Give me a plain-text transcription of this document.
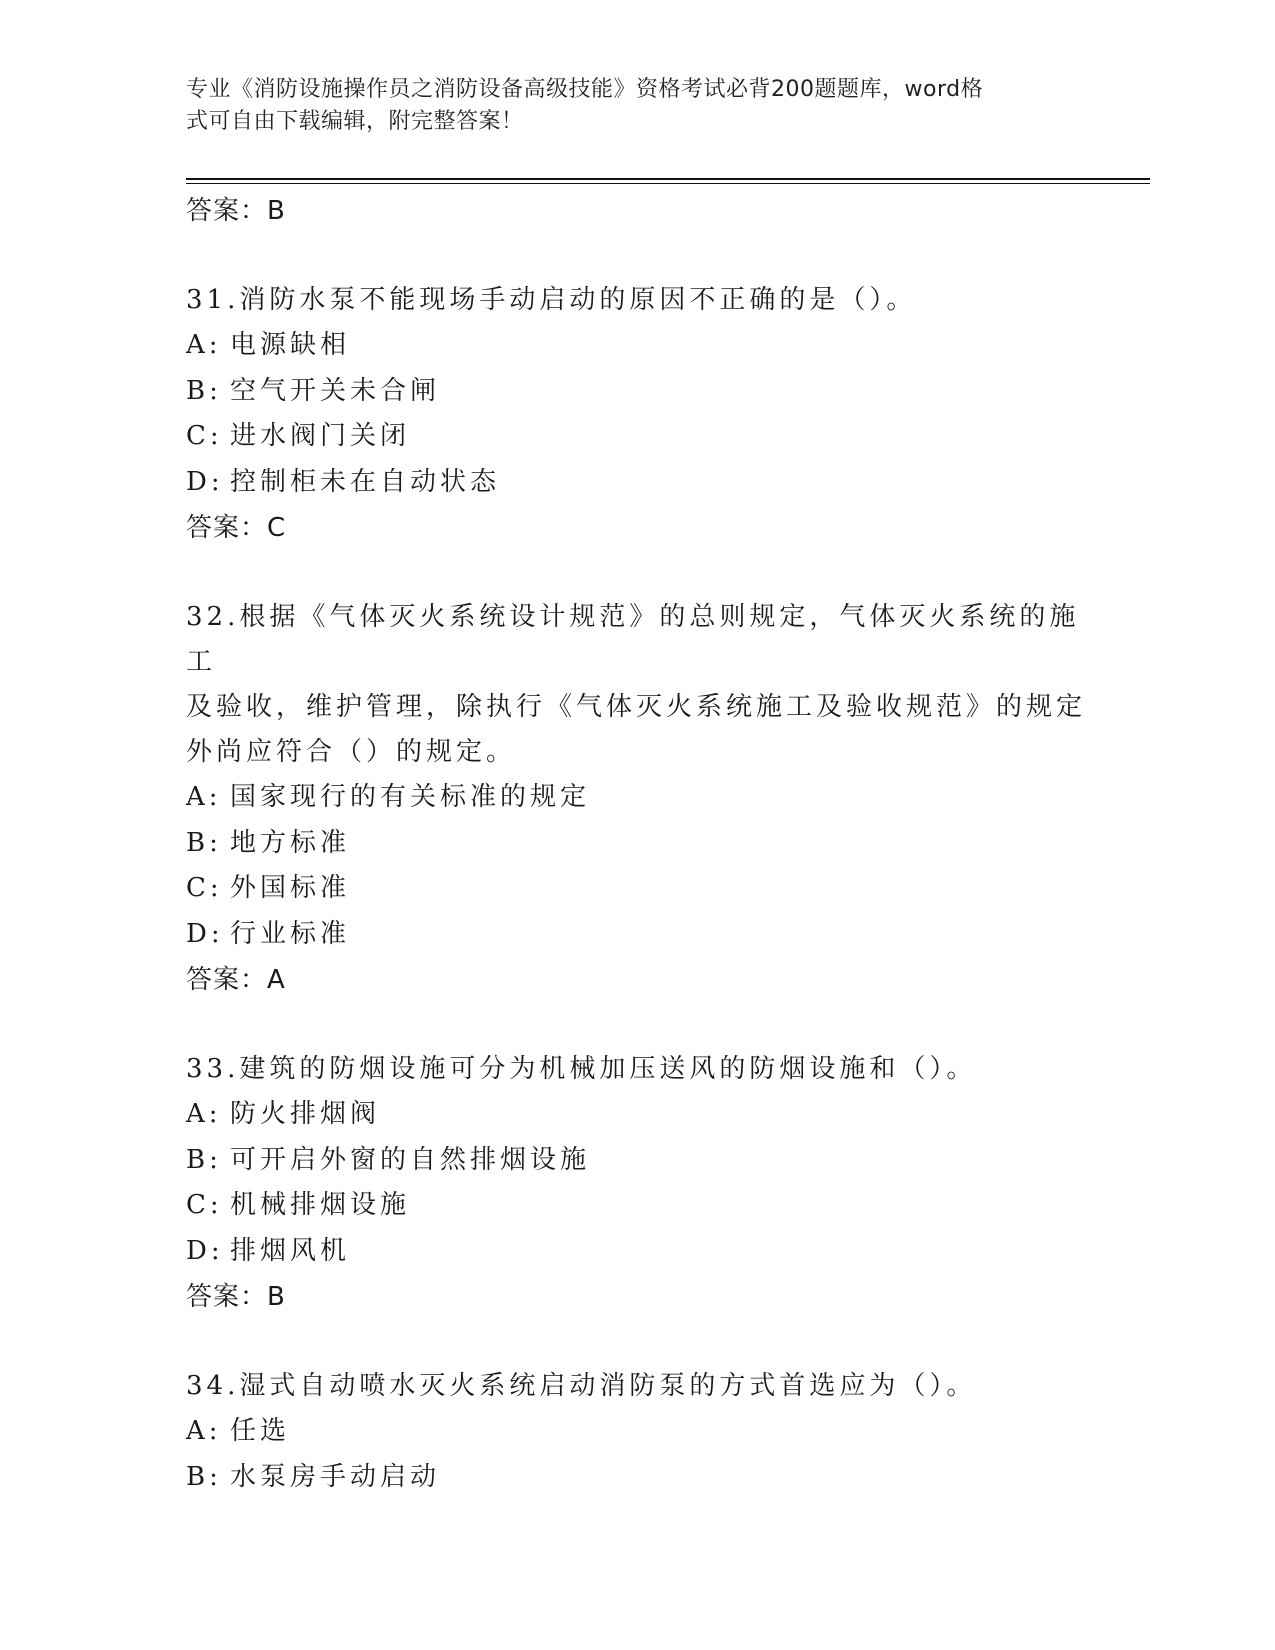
专业《消防设施操作员之消防设备高级技能》资格考试必背200题题库，word格
式可自由下载编辑，附完整答案！

答案：B

31.消防水泵不能现场手动启动的原因不正确的是（）。

A: 电源缺相
B: 空气开关未合闸
C: 进水阀门关闭
D: 控制柜未在自动状态

答案：C

32.根据《气体灭火系统设计规范》的总则规定，气体灭火系统的施工

及验收，维护管理，除执行《气体灭火系统施工及验收规范》的规定

外尚应符合（）的规定。

A: 国家现行的有关标准的规定
B: 地方标准
C: 外国标准
D: 行业标准

答案：A

33.建筑的防烟设施可分为机械加压送风的防烟设施和（）。

A: 防火排烟阀
B: 可开启外窗的自然排烟设施
C: 机械排烟设施
D: 排烟风机

答案：B

34.湿式自动喷水灭火系统启动消防泵的方式首选应为（）。

A: 任选
B: 水泵房手动启动
